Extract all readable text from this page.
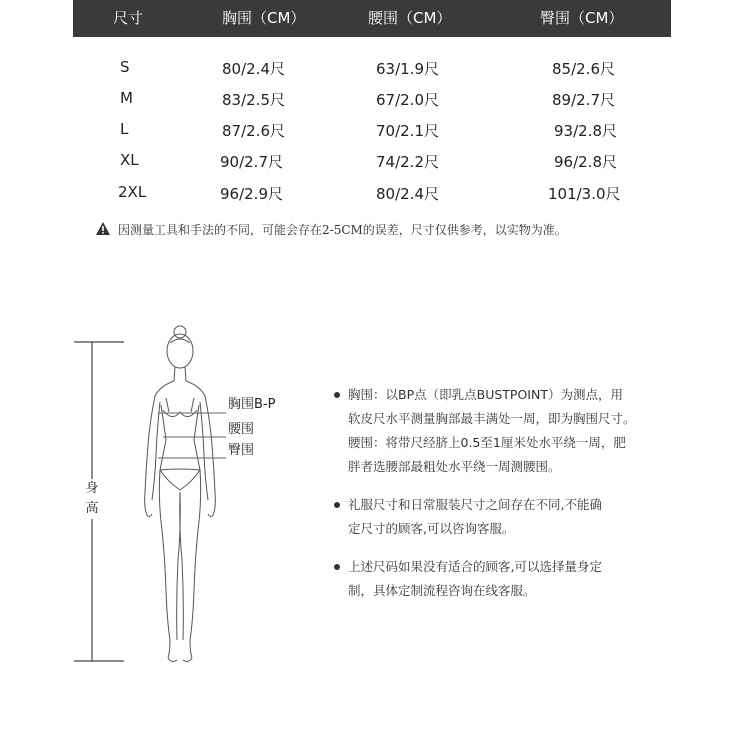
尺寸	胸围（CM）	腰围（CM）	臀围（CM）
S	80/2.4尺	63/1.9尺	85/2.6尺
M	83/2.5尺	67/2.0尺	89/2.7尺
L	87/2.6尺	70/2.1尺	93/2.8尺
XL	90/2.7尺	74/2.2尺	96/2.8尺
2XL	96/2.9尺	80/2.4尺	101/3.0尺
因测量工具和手法的不同，可能会存在2-5CM的误差，尺寸仅供参考，以实物为准。
身
高
胸围B-P
腰围
臀围
胸围：以BP点（即乳点BUSTPOINT）为测点，用
软皮尺水平测量胸部最丰满处一周，即为胸围尺寸。
腰围：将带尺经脐上0.5至1厘米处水平绕一周，肥
胖者选腰部最粗处水平绕一周测腰围。
礼服尺寸和日常服装尺寸之间存在不同,不能确
定尺寸的顾客,可以咨询客服。
上述尺码如果没有适合的顾客,可以选择量身定
制，具体定制流程咨询在线客服。
